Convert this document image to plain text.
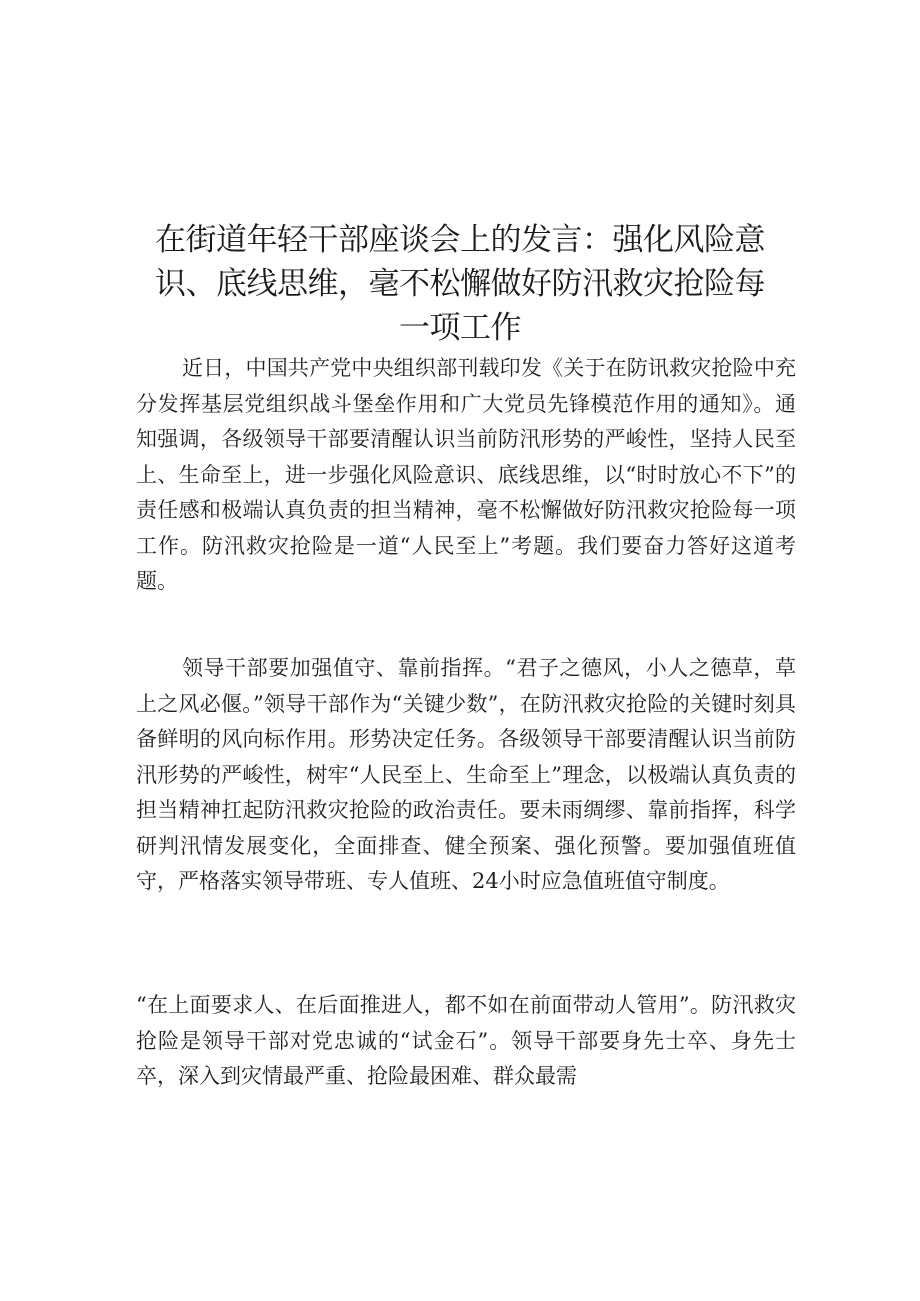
在街道年轻干部座谈会上的发言：强化风险意识、底线思维，毫不松懈做好防汛救灾抢险每一项工作

近日，中国共产党中央组织部刊载印发《关于在防讯救灾抢险中充分发挥基层党组织战斗堡垒作用和广大党员先锋模范作用的通知》。通知强调，各级领导干部要清醒认识当前防汛形势的严峻性，坚持人民至上、生命至上，进一步强化风险意识、底线思维，以“时时放心不下”的责任感和极端认真负责的担当精神，毫不松懈做好防汛救灾抢险每一项工作。防汛救灾抢险是一道“人民至上”考题。我们要奋力答好这道考题。

领导干部要加强值守、靠前指挥。“君子之德风，小人之德草，草上之风必偃。”领导干部作为“关键少数”，在防汛救灾抢险的关键时刻具备鲜明的风向标作用。形势决定任务。各级领导干部要清醒认识当前防汛形势的严峻性，树牢“人民至上、生命至上”理念，以极端认真负责的担当精神扛起防汛救灾抢险的政治责任。要未雨绸缪、靠前指挥，科学研判汛情发展变化，全面排查、健全预案、强化预警。要加强值班值守，严格落实领导带班、专人值班、24小时应急值班值守制度。

“在上面要求人、在后面推进人，都不如在前面带动人管用”。防汛救灾抢险是领导干部对党忠诚的“试金石”。领导干部要身先士卒、身先士卒，深入到灾情最严重、抢险最困难、群众最需
